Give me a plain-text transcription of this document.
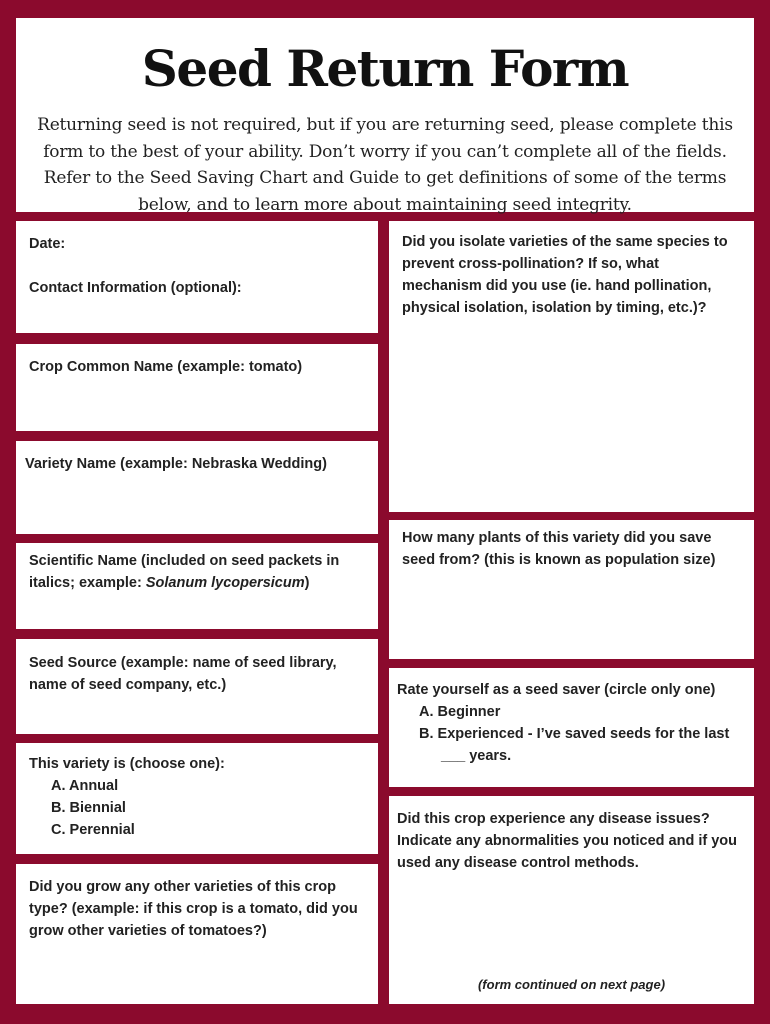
Seed Return Form

Returning seed is not required, but if you are returning seed, please complete this form to the best of your ability. Don’t worry if you can’t complete all of the fields. Refer to the Seed Saving Chart and Guide to get definitions of some of the terms below, and to learn more about maintaining seed integrity.

Date:

Contact Information (optional):

Crop Common Name (example: tomato)

Variety Name (example: Nebraska Wedding)

Scientific Name (included on seed packets in italics; example: Solanum lycopersicum)

Seed Source (example: name of seed library, name of seed company, etc.)

This variety is (choose one):

A. Annual

B. Biennial

C. Perennial

Did you grow any other varieties of this crop type? (example: if this crop is a tomato, did you grow other varieties of tomatoes?)

Did you isolate varieties of the same species to prevent cross-pollination? If so, what mechanism did you use (ie. hand pollination, physical isolation, isolation by timing, etc.)?

How many plants of this variety did you save seed from? (this is known as population size)

Rate yourself as a seed saver (circle only one)

A. Beginner

B. Experienced - I’ve saved seeds for the last ___ years.

Did this crop experience any disease issues? Indicate any abnormalities you noticed and if you used any disease control methods.

(form continued on next page)
